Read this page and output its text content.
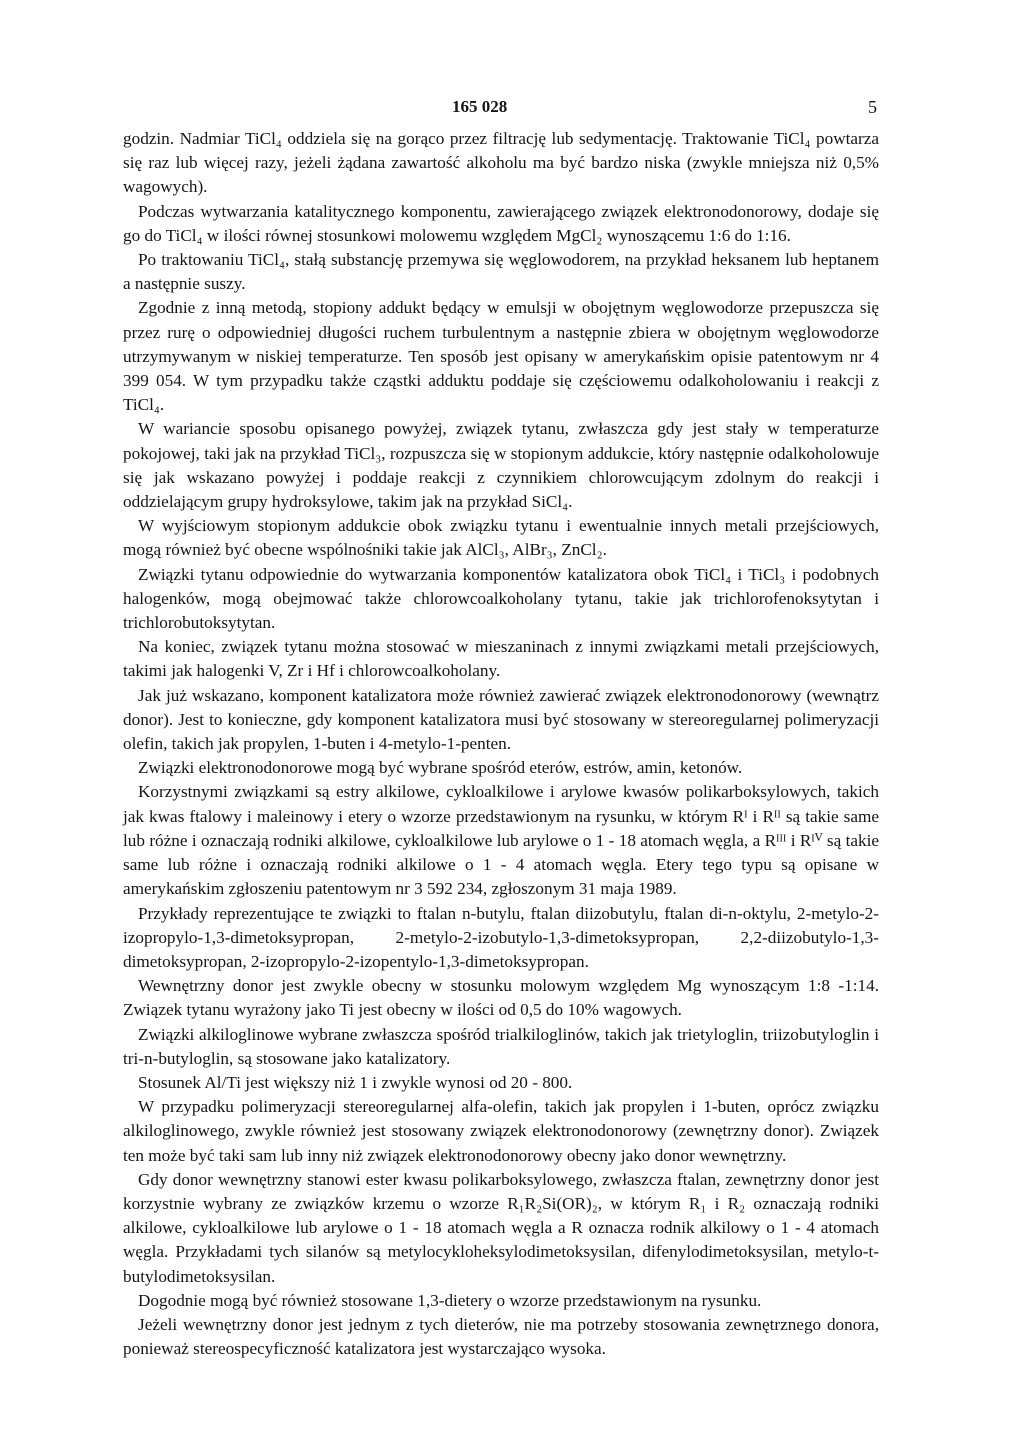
165 028	5

godzin. Nadmiar TiCl₄ oddziela się na gorąco przez filtrację lub sedymentację. Traktowanie TiCl₄ powtarza się raz lub więcej razy, jeżeli żądana zawartość alkoholu ma być bardzo niska (zwykle mniejsza niż 0,5% wagowych).

Podczas wytwarzania katalitycznego komponentu, zawierającego związek elektronodonorowy, dodaje się go do TiCl₄ w ilości równej stosunkowi molowemu względem MgCl₂ wynoszącemu 1:6 do 1:16.

Po traktowaniu TiCl₄, stałą substancję przemywa się węglowodorem, na przykład heksanem lub heptanem a następnie suszy.

Zgodnie z inną metodą, stopiony addukt będący w emulsji w obojętnym węglowodorze przepuszcza się przez rurę o odpowiedniej długości ruchem turbulentnym a następnie zbiera w obojętnym węglowodorze utrzymywanym w niskiej temperaturze. Ten sposób jest opisany w amerykańskim opisie patentowym nr 4 399 054. W tym przypadku także cząstki adduktu poddaje się częściowemu odalkoholowaniu i reakcji z TiCl₄.

W wariancie sposobu opisanego powyżej, związek tytanu, zwłaszcza gdy jest stały w temperaturze pokojowej, taki jak na przykład TiCl₃, rozpuszcza się w stopionym addukcie, który następnie odalkoholowuje się jak wskazano powyżej i poddaje reakcji z czynnikiem chlorowcującym zdolnym do reakcji i oddzielającym grupy hydroksylowe, takim jak na przykład SiCl₄.

W wyjściowym stopionym addukcie obok związku tytanu i ewentualnie innych metali przejściowych, mogą również być obecne wspólnośniki takie jak AlCl₃, AlBr₃, ZnCl₂.

Związki tytanu odpowiednie do wytwarzania komponentów katalizatora obok TiCl₄ i TiCl₃ i podobnych halogenków, mogą obejmować także chlorowcoalkoholany tytanu, takie jak trichlorofenoksytytan i trichlorobutoksytytan.

Na koniec, związek tytanu można stosować w mieszaninach z innymi związkami metali przejściowych, takimi jak halogenki V, Zr i Hf i chlorowcoalkoholany.

Jak już wskazano, komponent katalizatora może również zawierać związek elektronodonorowy (wewnątrz donor). Jest to konieczne, gdy komponent katalizatora musi być stosowany w stereoregularnej polimeryzacji olefin, takich jak propylen, 1-buten i 4-metylo-1-penten.

Związki elektronodonorowe mogą być wybrane spośród eterów, estrów, amin, ketonów.

Korzystnymi związkami są estry alkilowe, cykloalkilowe i arylowe kwasów polikarboksylowych, takich jak kwas ftalowy i maleinowy i etery o wzorze przedstawionym na rysunku, w którym Rᴵ i Rᴵᴵ są takie same lub różne i oznaczają rodniki alkilowe, cykloalkilowe lub arylowe o 1 - 18 atomach węgla, a Rᴵᴵᴵ i Rᴵⱽ są takie same lub różne i oznaczają rodniki alkilowe o 1 - 4 atomach węgla. Etery tego typu są opisane w amerykańskim zgłoszeniu patentowym nr 3 592 234, zgłoszonym 31 maja 1989.

Przykłady reprezentujące te związki to ftalan n-butylu, ftalan diizobutylu, ftalan di-n-oktylu, 2-metylo-2-izopropylo-1,3-dimetoksypropan, 2-metylo-2-izobutylo-1,3-dimetoksypropan, 2,2-diizobutylo-1,3-dimetoksypropan, 2-izopropylo-2-izopentylo-1,3-dimetoksypropan.

Wewnętrzny donor jest zwykle obecny w stosunku molowym względem Mg wynoszącym 1:8 -1:14. Związek tytanu wyrażony jako Ti jest obecny w ilości od 0,5 do 10% wagowych.

Związki alkiloglinowe wybrane zwłaszcza spośród trialkiloglinów, takich jak trietyloglin, triizobutyloglin i tri-n-butyloglin, są stosowane jako katalizatory.

Stosunek Al/Ti jest większy niż 1 i zwykle wynosi od 20 - 800.

W przypadku polimeryzacji stereoregularnej alfa-olefin, takich jak propylen i 1-buten, oprócz związku alkiloglinowego, zwykle również jest stosowany związek elektronodonorowy (zewnętrzny donor). Związek ten może być taki sam lub inny niż związek elektronodonorowy obecny jako donor wewnętrzny.

Gdy donor wewnętrzny stanowi ester kwasu polikarboksylowego, zwłaszcza ftalan, zewnętrzny donor jest korzystnie wybrany ze związków krzemu o wzorze R₁R₂Si(OR)₂, w którym R₁ i R₂ oznaczają rodniki alkilowe, cykloalkilowe lub arylowe o 1 - 18 atomach węgla a R oznacza rodnik alkilowy o 1 - 4 atomach węgla. Przykładami tych silanów są metylocykloheksylodimetoksysilan, difenylodimetoksysilan, metylo-t-butylodimetoksysilan.

Dogodnie mogą być również stosowane 1,3-dietery o wzorze przedstawionym na rysunku.

Jeżeli wewnętrzny donor jest jednym z tych dieterów, nie ma potrzeby stosowania zewnętrznego donora, ponieważ stereospecyficzność katalizatora jest wystarczająco wysoka.
